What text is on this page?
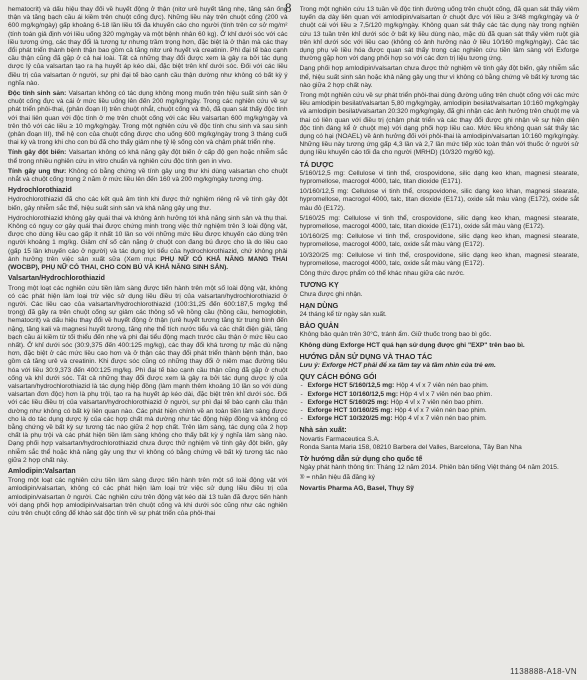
8

hematocrit) và dấu hiệu thay đổi về huyết động ở thận (nitơ urê huyết tăng nhẹ, tăng sản ống thận và tăng bạch cầu ái kiềm trên chuột cống đực). Những liều này trên chuột cống (200 và 600 mg/kg/ngày) gấp khoảng 6-18 lần liều tối đa khuyến cáo cho người (tính trên cơ sở mg/m² (tính toán giả định với liều uống 320 mg/ngày và một bệnh nhân 60 kg). Ở khỉ dưới sóc với các liều tương ứng, các thay đổi là tương tự nhưng trầm trọng hơn, đặc biệt là ở thận mà các thay đổi phát triển thành bệnh thận bao gồm cả tăng nitơ urê huyết và creatinin. Phì đại tế bào cạnh cầu thận cũng đã gặp ở cả hai loài. Tất cả những thay đổi được xem là gây ra bởi tác dụng dược lý của valsartan tạo ra hạ huyết áp kéo dài, đặc biệt trên khỉ dưới sóc. Đối với các liều điều trị của valsartan ở người, sự phì đại tế bào cạnh cầu thận dường như không có bất kỳ ý nghĩa nào.

Độc tính sinh sản: Valsartan không có tác dụng không mong muốn trên hiệu suất sinh sản ở chuột cống đực và cái ở mức liều uống lên đến 200 mg/kg/ngày. Trong các nghiên cứu về sự phát triển phôi-thai, (phân đoạn II) trên chuột nhắt, chuột cống và thỏ, đã quan sát thấy độc tính với thai liên quan với độc tính ở mẹ trên chuột cống với các liều valsartan 600 mg/kg/ngày và trên thỏ với các liều ≥ 10 mg/kg/ngày. Trong một nghiên cứu về độc tính chu sinh và sau sinh (phân đoạn III), thế hệ con của chuột cống được cho uống 600 mg/kg/ngày trong 3 tháng cuối thai kỳ và trong khi cho con bú đã cho thấy giảm nhẹ tỷ lệ sống còn và chậm phát triển nhẹ.

Tính gây đột biến: Valsartan không có khả năng gây đột biến ở cấp độ gen hoặc nhiễm sắc thể trong nhiều nghiên cứu in vitro chuẩn và nghiên cứu độc tính gen in vivo.

Tính gây ung thư: Không có bằng chứng về tính gây ung thư khi dùng valsartan cho chuột nhắt và chuột cống trong 2 năm ở mức liều lên đến 160 và 200 mg/kg/ngày tương ứng.

Hydrochlorothiazid

Hydrochlorothiazid đã cho các kết quả âm tính khi được thử nghiệm riêng rẽ về tính gây đột biến, gây nhiễm sắc thể, hiệu suất sinh sản và khả năng gây ung thư.

Hydrochlorothiazid không gây quái thai và không ảnh hưởng tới khả năng sinh sản và thụ thai. Không có nguy cơ gây quái thai được chứng minh trong việc thử nghiệm trên 3 loài động vật, được cho dùng liều cao gấp ít nhất 10 lần so với những mức liều được khuyến cáo dùng trên người khoảng 1 mg/kg. Giảm chỉ số cân nặng ở chuột con đang bú được cho là do liều cao (gấp 15 lần khuyến cáo ở người) và tác dụng lợi tiểu của hydrochlorothiazid, chứ không phải ảnh hưởng trên việc sản xuất sữa (Xem mục PHỤ NỮ CÓ KHẢ NĂNG MANG THAI (WOCBP), PHỤ NỮ CÓ THAI, CHO CON BÚ VÀ KHẢ NĂNG SINH SẢN).

Valsartan/Hydrochlorothiazid

Trong một loạt các nghiên cứu tiền lâm sàng được tiến hành trên một số loài động vật, không có các phát hiện làm loại trừ việc sử dụng liều điều trị của valsartan/hydrochlorothiazid ở người. Các liều cao của valsartan/hydrochlorothiazid (100:31,25 đến 600:187,5 mg/kg thể trọng) đã gây ra trên chuột cống sự giảm các thông số về hồng cầu (hồng cầu, hemoglobin, hematocrit) và dấu hiệu thay đổi về huyết động ở thận (urê huyết tương tăng từ trung bình đến nặng, tăng kali và magnesi huyết tương, tăng nhẹ thể tích nước tiểu và các chất điện giải, tăng bạch cầu ái kiềm từ tối thiểu đến nhẹ và phì đại tiểu động mạch trước cầu thận ở mức liều cao nhất). Ở khỉ dưới sóc (30:9,375 đến 400:125 mg/kg), các thay đổi khá tương tự mặc dù nặng hơn, đặc biệt ở các mức liều cao hơn và ở thận các thay đổi phát triển thành bệnh thận, bao gồm cả tăng urê và creatinin. Khi được sóc cũng có những thay đổi ở niêm mạc đường tiêu hóa với liều 30:9,373 đến 400:125 mg/kg. Phì đại tế bào cạnh cầu thận cũng đã gặp ở chuột cống và khỉ dưới sóc. Tất cả những thay đổi được xem là gây ra bởi tác dụng dược lý của valsartan/hydrochlorothiazid là tác dụng hiệp đồng (làm mạnh thêm khoảng 10 lần so với dùng valsartan đơn độc) hơn là phụ trội, tạo ra hạ huyết áp kéo dài, đặc biệt trên khỉ dưới sóc. Đối với các liều điều trị của valsartan/hydrochlorothiazid ở người, sự phì đại tế bào cạnh cầu thận dường như không có bất kỳ liên quan nào. Các phát hiện chính về an toàn tiền lâm sàng được cho là do tác dụng dược lý của các hợp chất mà dường như tác động hiệp đồng và không có bằng chứng về bất kỳ sự tương tác nào giữa 2 hợp chất. Trên lâm sàng, tác dụng của 2 hợp chất là phụ trội và các phát hiện tiền lâm sàng không cho thấy bất kỳ ý nghĩa lâm sàng nào. Dạng phối hợp valsartan/hydrochlorothiazid chưa được thử nghiệm về tính gây đột biến, gây nhiễm sắc thể hoặc khả năng gây ung thư vì không có bằng chứng về bất kỳ tương tác nào giữa 2 hợp chất này.

Amlodipin:Valsartan

Trong một loạt các nghiên cứu tiền lâm sàng được tiến hành trên một số loài động vật với amlodipin/valsartan, không có các phát hiện làm loại trừ việc sử dụng liều điều trị của amlodipin/valsartan ở người. Các nghiên cứu trên động vật kéo dài 13 tuần đã được tiến hành với dạng phối hợp amlodipin/valsartan trên chuột cống và khi dưới sóc cũng như các nghiên cứu trên chuột cống để khảo sát độc tính về sự phát triển của phôi-thai

Trong một nghiên cứu 13 tuần về độc tính đường uống trên chuột cống, đã quan sát thấy viêm tuyến dạ dày liên quan với amlodipin/valsartan ở chuột đực với liều ≥ 3/48 mg/kg/ngày và ở chuột cái với liều ≥ 7,5/120 mg/kg/ngày. Không quan sát thấy các tác dụng này trong nghiên cứu 13 tuần trên khỉ dưới sóc ở bất kỳ liều dùng nào, mặc dù đã quan sát thấy viêm ruột già trên khỉ dưới sóc với liều cao (không có ảnh hưởng nào ở liều 10/160 mg/kg/ngày). Các tác dụng phụ về liều hóa được quan sát thấy trong các nghiên cứu tiền lâm sàng với Exforge thường gặp hơn với dạng phối hợp so với các đơn trị liệu tương ứng.

Dạng phối hợp amlodipin/valsartan chưa được thử nghiệm về tính gây đột biến, gây nhiễm sắc thể, hiệu suất sinh sản hoặc khả năng gây ung thư vì không có bằng chứng về bất kỳ tương tác nào giữa 2 hợp chất này.

Trong một nghiên cứu về sự phát triển phôi-thai dùng đường uống trên chuột cống với các mức liều amlodipin besilat/valsartan 5,80 mg/kg/ngày, amlodipin besilat/valsartan 10:160 mg/kg/ngày và amlodipin besilat/valsartan 20:320 mg/kg/ngày, đã ghi nhận các ảnh hưởng trên chuột mẹ và thai có liên quan với điều trị (chậm phát triển và các thay đổi được ghi nhận về sự hiện diện độc tính đáng kể ở chuột mẹ) với dạng phối hợp liều cao. Mức liều không quan sát thấy tác dụng có hại (NOAEL) về ảnh hưởng đối với phôi-thai là amlodipin/valsartan 10:160 mg/kg/ngày. Những liều này tương ứng gấp 4,3 lần và 2,7 lần mức tiếp xúc toàn thân với thuốc ở người sử dụng liều khuyến cáo tối đa cho người (MRHD) (10/320 mg/60 kg).

TÁ DƯỢC

5/160/12,5 mg: Cellulose vi tinh thể, crospovidone, silic dạng keo khan, magnesi stearate, hypromellose, macrogol 4000, talc, titan dioxide (E171).

10/160/12,5 mg: Cellulose vi tinh thể, crospovidone, silic dạng keo khan, magnesi stearate, hypromellose, macrogol 4000, talc, titan dioxide (E171), oxide sắt màu vàng (E172), oxide sắt màu đỏ (E172).

5/160/25 mg: Cellulose vi tinh thể, crospovidone, silic dạng keo khan, magnesi stearate, hypromellose, macrogol 4000, talc, titan dioxide (E171), oxide sắt màu vàng (E172).

10/160/25 mg: Cellulose vi tinh thể, crospovidone, silic dạng keo khan, magnesi stearate, hypromellose, macrogol 4000, talc, oxide sắt màu vàng (E172).

10/320/25 mg: Cellulose vi tinh thể, crospovidone, silic dạng keo khan, magnesi stearate, hypromellose, macrogol 4000, talc, oxide sắt màu vàng (E172).

Công thức được phẩm có thể khác nhau giữa các nước.

TƯƠNG KỴ

Chưa được ghi nhận.

HẠN DÙNG

24 tháng kể từ ngày sản xuất.

BẢO QUẢN

Không bảo quản trên 30°C, tránh ẩm. Giữ thuốc trong bao bì gốc.

Không dùng Exforge HCT quá hạn sử dụng được ghi "EXP" trên bao bì.

HƯỚNG DẪN SỬ DỤNG VÀ THAO TÁC

Lưu ý: Exforge HCT phải để xa tầm tay và tầm nhìn của trẻ em.

QUY CÁCH ĐÓNG GÓI
- Exforge HCT 5/160/12,5 mg: Hộp 4 vỉ x 7 viên nén bao phim.
- Exforge HCT 10/160/12,5 mg: Hộp 4 vỉ x 7 viên nén bao phim.
- Exforge HCT 5/160/25 mg: Hộp 4 vỉ x 7 viên nén bao phim.
- Exforge HCT 10/160/25 mg: Hộp 4 vỉ x 7 viên nén bao phim.
- Exforge HCT 10/320/25 mg: Hộp 4 vỉ x 7 viên nén bao phim.
Nhà sản xuất:

Novartis Farmaceutica S.A.

Ronda Santa Maria 158, 08210 Barbera del Valles, Barcelona, Tây Ban Nha

Tờ hướng dẫn sử dụng cho quốc tế

Ngày phát hành thông tin: Tháng 12 năm 2014. Phiên bản tiếng Việt tháng 04 năm 2015.

® = nhãn hiệu đã đăng ký

Novartis Pharma AG, Basel, Thụy Sỹ

1138888-A18-VN
